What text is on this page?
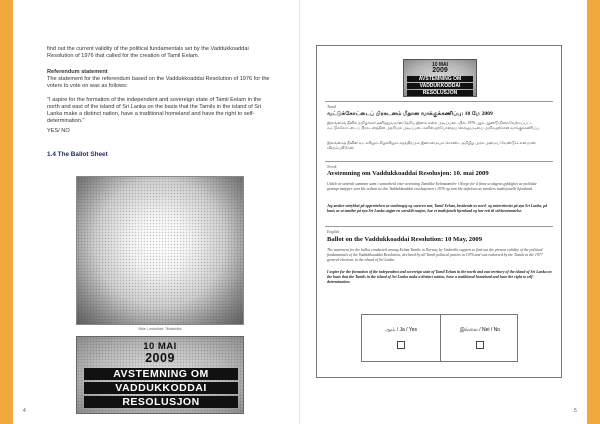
find out the current validity of the political fundamentals set by the Vaddukkoaddai Resolution of 1976 that called for the creation of Tamil Eelam.
Referendum statement
The statement for the referendum based on the Vaddukkoaddai Resolution of 1976 for the voters to vote on was as follows:
"I aspire for the formation of the independent and sovereign state of Tamil Eelam in the north and east of the island of Sri Lanka on the basis that the Tamils in the island of Sri Lanka make a distinct nation, have a traditional homeland and have the right to self-determination."
YES/ NO
1.4 The Ballot Sheet
Bilde: Landsrådet, Tilbakeblikk
10 MAI
2009
AVSTEMNING OM
VADDUKKODDAI
RESOLUSJON
4
10 MAI
2009
AVSTEMNING OM
VADDUKKODDAI
RESOLUSJON
Tamil
வட்டுக்கோட்டைப் பிரகடனம் மீதான வாக்குக்கணிப்பு: 10 மே 2009
இலங்கைத் தீவில் தமிழர்கள் தனித்துவமான தேசிய இனம் என்ற அடிப்படையில், 1976 ஆம் ஆண்டு நிறைவேற்றப்பட்ட வட்டுக்கோட்டைப் பிரகடனத்தின் அரசியல் அடிப்படைகளின் தற்போதைய செல்லுபடியை அறிவதற்கான வாக்குக்கணிப்பு.
இலங்கைத் தீவின் வடக்கிலும் கிழக்கிலும் சுதந்திரமும் இறைமையும் கொண்ட தமிழீழ அரசு அமைய வேண்டும் என நான் விரும்புகிறேன்.
Norsk
Avstemning om Vaddukkoaddai Resolusjon: 10. mai 2009
Utdelt av sentralt samman samt i samarbeid etter avvisning Tamilske Eelamtamiler i Norge for å finne ut dagens gyldighet av politiske grunnprinsipper som ble vedtatt av den Vaddukkoaddai resolusjonen i 1976 og som ble stiftelsen av tamilers tradisjonelle hjemland.
Jeg ønsker uttrykket på opprettelsen av uavhengig og suveren stat, Tamil Eelam, bestående av nord- og østterritoriet på øya Sri Lanka, på basis av at tamiler på øya Sri Lanka utgjør en særskilt nasjon, har et tradisjonelt hjemland og har rett til selvbestemmelse.
English
Ballot on the Vaddukkoaddai Resolution: 10 May, 2009
The statement for the ballot conducted among Eelam Tamils in Norway by Umbrella support to find out the present validity of the political fundamentals of the Vaddukkoaddai Resolution, declared by all Tamil political parties in 1976 and was endorsed by the Tamils in the 1977 general elections in the island of Sri Lanka.
I aspire for the formation of the independent and sovereign state of Tamil Eelam in the north and east territory of the island of Sri Lanka on the basis that the Tamils in the island of Sri Lanka make a distinct nation, have a traditional homeland and have the right to self-determination.
ஆம் / Ja / Yes	இல்லை / Nei / No
5
